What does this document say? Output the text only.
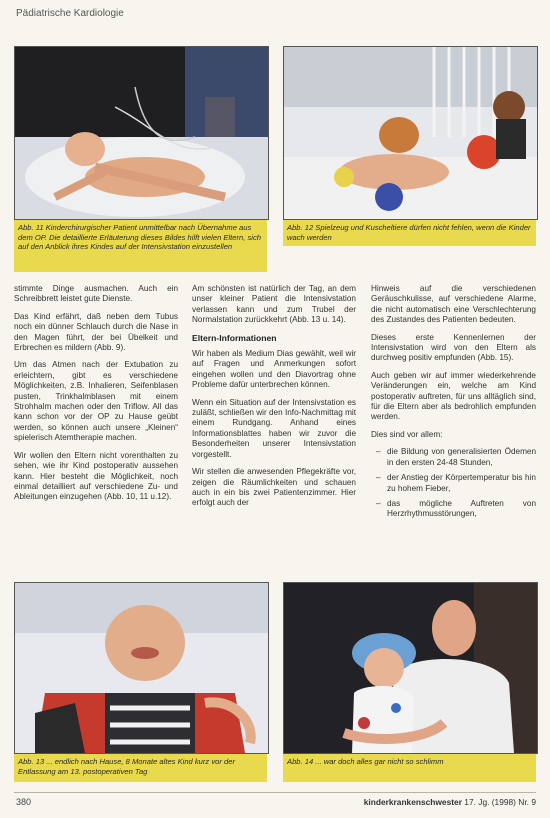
Pädiatrische Kardiologie
Abb. 11 Kinderchirurgischer Patient unmittelbar nach Übernahme aus dem OP. Die detaillierte Erläuterung dieses Bildes hilft vielen Eltern, sich auf den Anblick ihres Kindes auf der Intensivstation einzustellen
Abb. 12 Spielzeug und Kuscheltiere dürfen nicht fehlen, wenn die Kinder wach werden

stimmte Dinge ausmachen. Auch ein Schreibbrett leistet gute Dienste.

Das Kind erfährt, daß neben dem Tubus noch ein dünner Schlauch durch die Nase in den Magen führt, der bei Übelkeit und Erbrechen es mildern (Abb. 9).

Um das Atmen nach der Extubation zu erleichtern, gibt es verschiedene Möglichkeiten, z.B. Inhalieren, Seifenblasen pusten, Trinkhalmblasen mit einem Strohhalm machen oder den Triflow. All das kann schon vor der OP zu Hause geübt werden, so können auch unsere „Kleinen“ spielerisch Atemtherapie machen.

Wir wollen den Eltern nicht vorenthalten zu sehen, wie ihr Kind postoperativ aussehen kann. Hier besteht die Möglichkeit, noch einmal detailliert auf verschiedene Zu- und Ableitungen einzugehen (Abb. 10, 11 u.12).

Am schönsten ist natürlich der Tag, an dem unser kleiner Patient die Intensivstation verlassen kann und zum Trubel der Normalstation zurückkehrt (Abb. 13 u. 14).

Eltern-Informationen

Wir haben als Medium Dias gewählt, weil wir auf Fragen und Anmerkungen sofort eingehen wollen und den Diavortrag ohne Probleme dafür unterbrechen können.

Wenn ein Situation auf der Intensivstation es zuläßt, schließen wir den Info-Nachmittag mit einem Rundgang. Anhand eines Informationsblattes haben wir zuvor die Besonderheiten unserer Intensivstation vorgestellt.

Wir stellen die anwesenden Pflegekräfte vor, zeigen die Räumlichkeiten und schauen auch in ein bis zwei Patientenzimmer. Hier erfolgt auch der

Hinweis auf die verschiedenen Geräuschkulisse, auf verschiedene Alarme, die nicht automatisch eine Verschlechterung des Zustandes des Patienten bedeuten.

Dieses erste Kennenlernen der Intensivstation wird von den Eltern als durchweg positiv empfunden (Abb. 15).

Auch geben wir auf immer wiederkehrende Veränderungen ein, welche am Kind postoperativ auftreten, für uns alltäglich sind, für die Eltern aber als bedrohlich empfunden werden.

Dies sind vor allem:

– die Bildung von generalisierten Ödemen in den ersten 24-48 Stunden,
– der Anstieg der Körpertemperatur bis hin zu hohem Fieber,
– das mögliche Auftreten von Herzrhythmusstörungen,
Abb. 13 ... endlich nach Hause, 8 Monate altes Kind kurz vor der Entlassung am 13. postoperativen Tag
Abb. 14 ... war doch alles gar nicht so schlimm
380	kinderkrankenschwester 17. Jg. (1998) Nr. 9
